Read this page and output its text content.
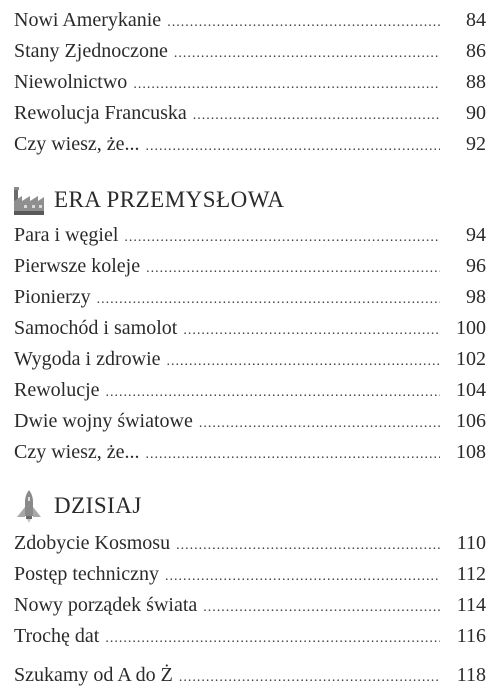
Nowi Amerykanie .....	84
Stany Zjednoczone .....	86
Niewolnictwo .....	88
Rewolucja Francuska .....	90
Czy wiesz, że... .....	92
ERA PRZEMYSŁOWA
Para i węgiel .....	94
Pierwsze koleje .....	96
Pionierzy .....	98
Samochód i samolot .....	100
Wygoda i zdrowie .....	102
Rewolucje .....	104
Dwie wojny światowe .....	106
Czy wiesz, że... .....	108
DZISIAJ
Zdobycie Kosmosu .....	110
Postęp techniczny .....	112
Nowy porządek świata .....	114
Trochę dat .....	116
Szukamy od A do Ż .....	118
